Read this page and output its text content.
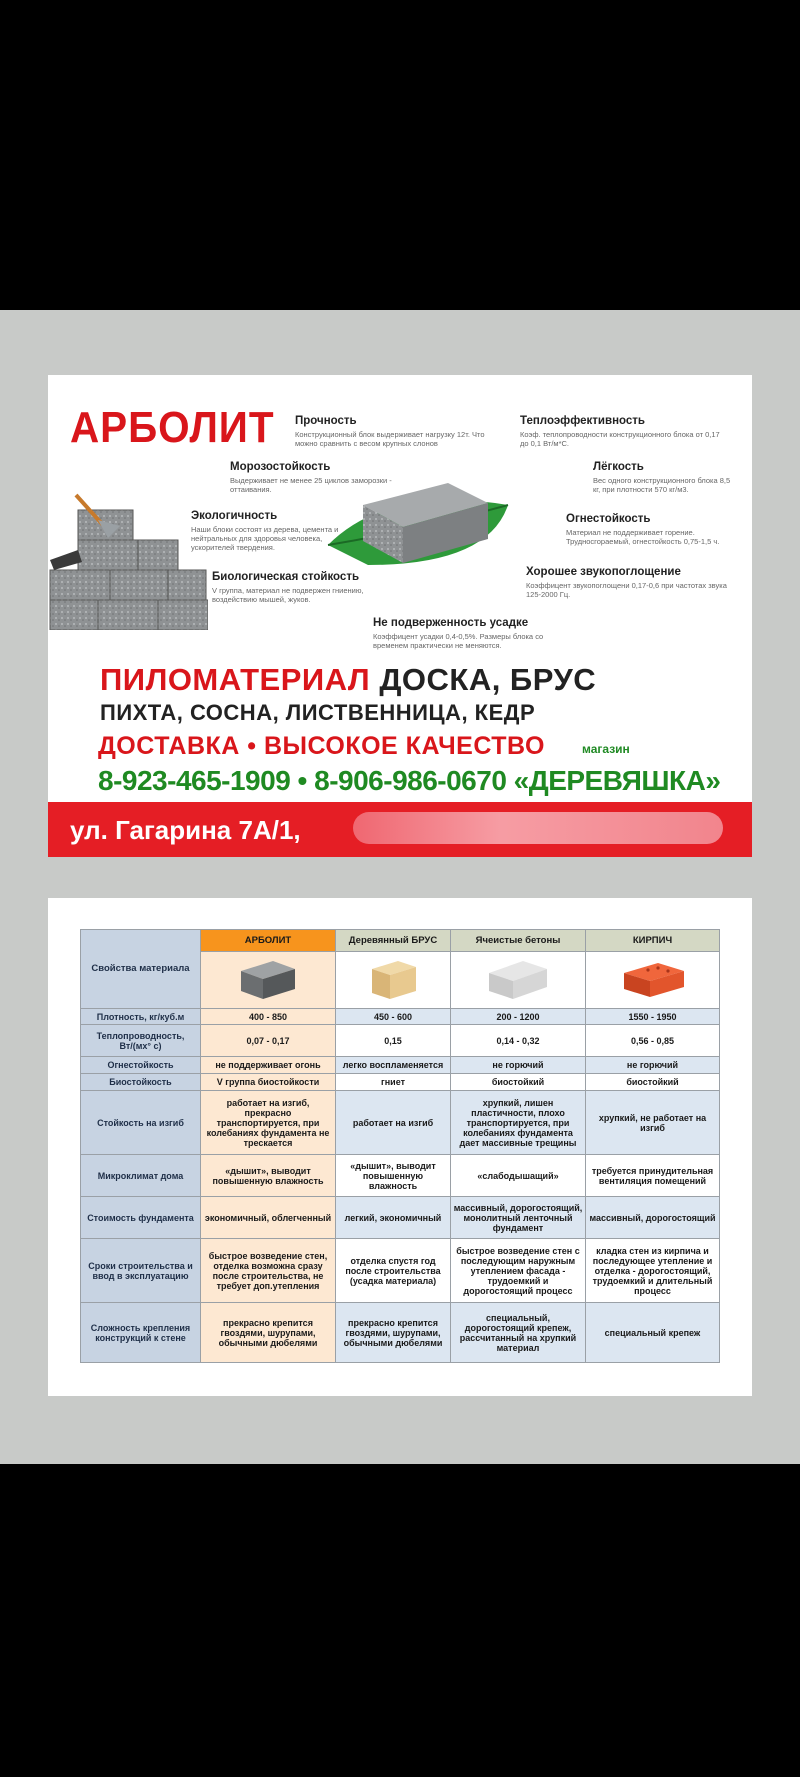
АРБОЛИТ Прочность
Конструкционный блок выдерживает нагрузку 12т. Что можно сравнить с весом крупных слонов
Теплоэффективность
Коэф. теплопроводности конструкционного блока от 0,17 до 0,1 Вт/м*С.
Морозостойкость
Выдерживает не менее 25 циклов заморозки - оттаивания.
Лёгкость
Вес одного конструкционного блока 8,5 кг, при плотности 570 кг/м3.
Экологичность
Наши блоки состоят из дерева, цемента и нейтральных для здоровья человека, ускорителей твердения.
Огнестойкость
Материал не поддерживает горение. Трудносгораемый, огнестойкость 0,75-1,5 ч.
Биологическая стойкость
V группа, материал не подвержен гниению, воздействию мышей, жуков.
Хорошее звукопоглощение
Коэффицент звукопоглощени 0,17-0,6 при частотах звука 125-2000 Гц.
Не подверженность усадке
Коэффицент усадки 0,4-0,5%. Размеры блока со временем практически не меняются.
ПИЛОМАТЕРИАЛ ДОСКА, БРУС
ПИХТА, СОСНА, ЛИСТВЕННИЦА, КЕДР
ДОСТАВКА • ВЫСОКОЕ КАЧЕСТВО	магазин
8-923-465-1909 • 8-906-986-0670 «ДЕРЕВЯШКА»
ул. Гагарина 7А/1,
Свойства материала	АРБОЛИТ	Деревянный БРУС	Ячеистые бетоны	КИРПИЧ

Плотность, кг/куб.м	400 - 850	450 - 600	200 - 1200	1550 - 1950
Теплопроводность, Вт/(мх° с)	0,07 - 0,17	0,15	0,14 - 0,32	0,56 - 0,85
Огнестойкость	не поддерживает огонь	легко воспламеняется	не горючий	не горючий
Биостойкость	V группа биостойкости	гниет	биостойкий	биостойкий
Стойкость на изгиб	работает на изгиб, прекрасно транспортируется, при колебаниях фундамента не трескается	работает на изгиб	хрупкий, лишен пластичности, плохо транспортируется, при колебаниях фундамента дает массивные трещины	хрупкий, не работает на изгиб
Микроклимат дома	«дышит», выводит повышенную влажность	«дышит», выводит повышенную влажность	«слабодышащий»	требуется принудительная вентиляция помещений
Стоимость фундамента	экономичный, облегченный	легкий, экономичный	массивный, дорогостоящий, монолитный ленточный фундамент	массивный, дорогостоящий
Сроки строительства и ввод в эксплуатацию	быстрое возведение стен, отделка возможна сразу после строительства, не требует доп.утепления	отделка спустя год после строительства (усадка материала)	быстрое возведение стен с последующим наружным утеплением фасада - трудоемкий и дорогостоящий процесс	кладка стен из кирпича и последующее утепление и отделка - дорогостоящий, трудоемкий и длительный процесс
Сложность крепления конструкций к стене	прекрасно крепится гвоздями, шурупами, обычными дюбелями	прекрасно крепится гвоздями, шурупами, обычными дюбелями	специальный, дорогостоящий крепеж, рассчитанный на хрупкий материал	специальный крепеж
